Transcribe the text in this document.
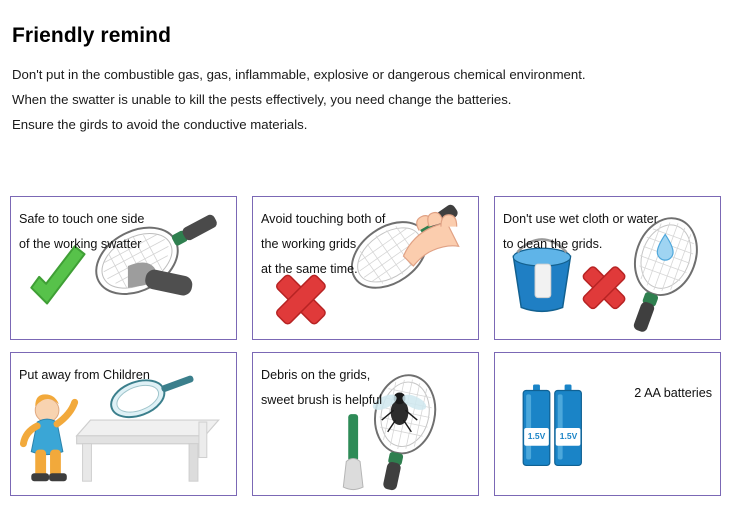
Friendly remind
Don't put in the combustible gas, gas, inflammable, explosive or dangerous chemical environment.
When the swatter is unable to kill the pests effectively, you need change the batteries.
Ensure the girds to avoid the conductive materials.
Safe to touch one side
of the working swatter
Avoid touching both of
the working grids
at the same time.
Don't use wet cloth or water
to clean the grids.
Put away from Children	Debris on the grids,
sweet brush is helpful
1.5V	1.5V
2 AA batteries
